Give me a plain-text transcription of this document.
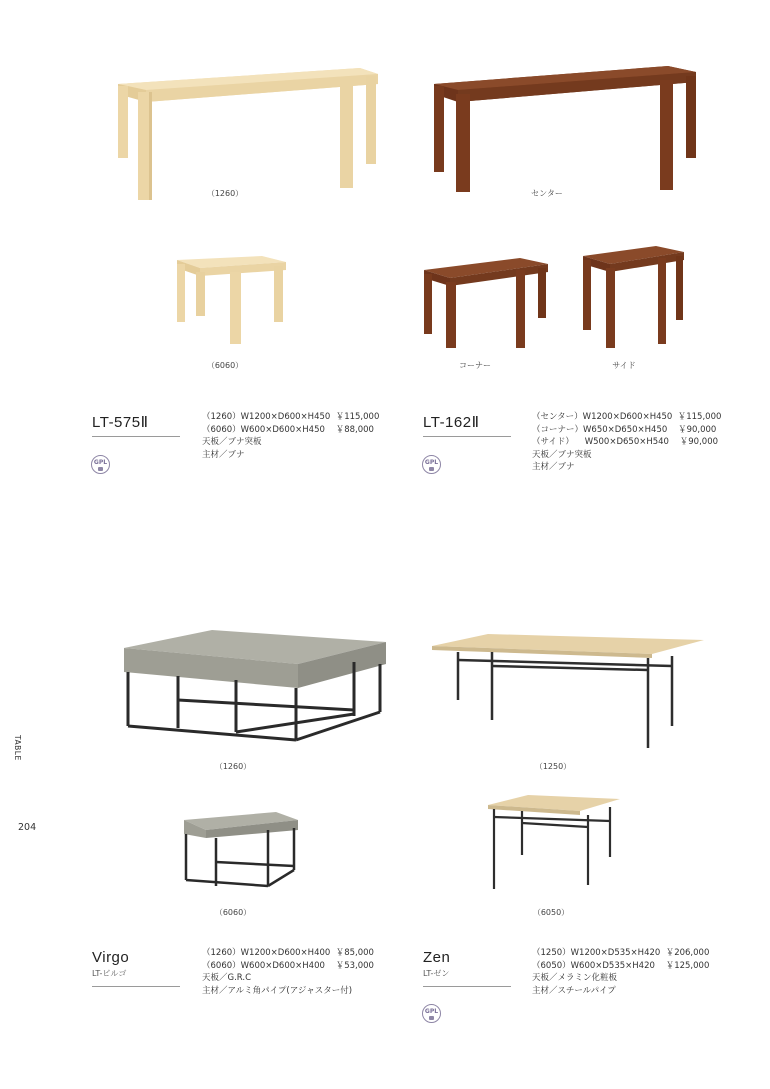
TABLE
204
（1260）	センター
（6060）	コーナー	サイド
LT-575Ⅱ	（1260）W1200×D600×H450  ￥115,000
（6060）W600×D600×H450    ￥88,000
天板／ブナ突板
主材／ブナ
GPL
LT-162Ⅱ	（センター）W1200×D600×H450  ￥115,000
（コーナー）W650×D650×H450    ￥90,000
（サイド）    W500×D650×H540    ￥90,000
天板／ブナ突板
主材／ブナ
GPL
（1260）	（1250）
（6060）	（6050）
Virgo
LT-ビルゴ
（1260）W1200×D600×H400  ￥85,000
（6060）W600×D600×H400    ￥53,000
天板／G.R.C
主材／アルミ角パイプ(アジャスター付)
Zen
LT-ゼン
（1250）W1200×D535×H420  ￥206,000
（6050）W600×D535×H420    ￥125,000
天板／メラミン化粧板
主材／スチールパイプ
GPL
